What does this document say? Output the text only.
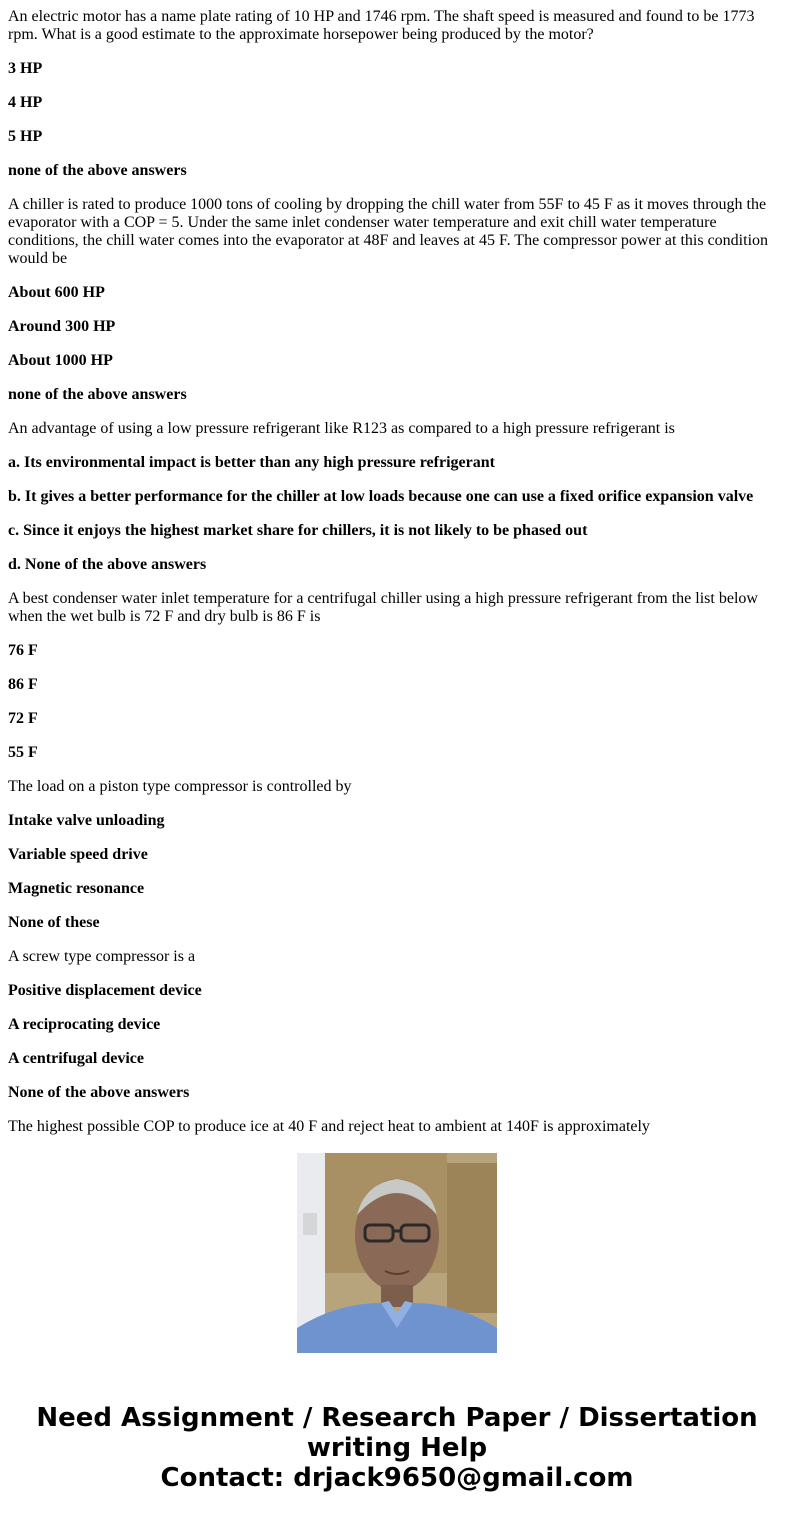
An electric motor has a name plate rating of 10 HP and 1746 rpm. The shaft speed is measured and found to be 1773 rpm. What is a good estimate to the approximate horsepower being produced by the motor?

3 HP

4 HP

5 HP

none of the above answers

A chiller is rated to produce 1000 tons of cooling by dropping the chill water from 55F to 45 F as it moves through the evaporator with a COP = 5. Under the same inlet condenser water temperature and exit chill water temperature conditions, the chill water comes into the evaporator at 48F and leaves at 45 F. The compressor power at this condition would be

About 600 HP

Around 300 HP

About 1000 HP

none of the above answers

An advantage of using a low pressure refrigerant like R123 as compared to a high pressure refrigerant is

a. Its environmental impact is better than any high pressure refrigerant

b. It gives a better performance for the chiller at low loads because one can use a fixed orifice expansion valve

c. Since it enjoys the highest market share for chillers, it is not likely to be phased out

d. None of the above answers

A best condenser water inlet temperature for a centrifugal chiller using a high pressure refrigerant from the list below when the wet bulb is 72 F and dry bulb is 86 F is

76 F

86 F

72 F

55 F

The load on a piston type compressor is controlled by

Intake valve unloading

Variable speed drive

Magnetic resonance

None of these

A screw type compressor is a

Positive displacement device

A reciprocating device

A centrifugal device

None of the above answers

The highest possible COP to produce ice at 40 F and reject heat to ambient at 140F is approximately

Need Assignment / Research Paper / Dissertation
writing Help
Contact: drjack9650@gmail.com
